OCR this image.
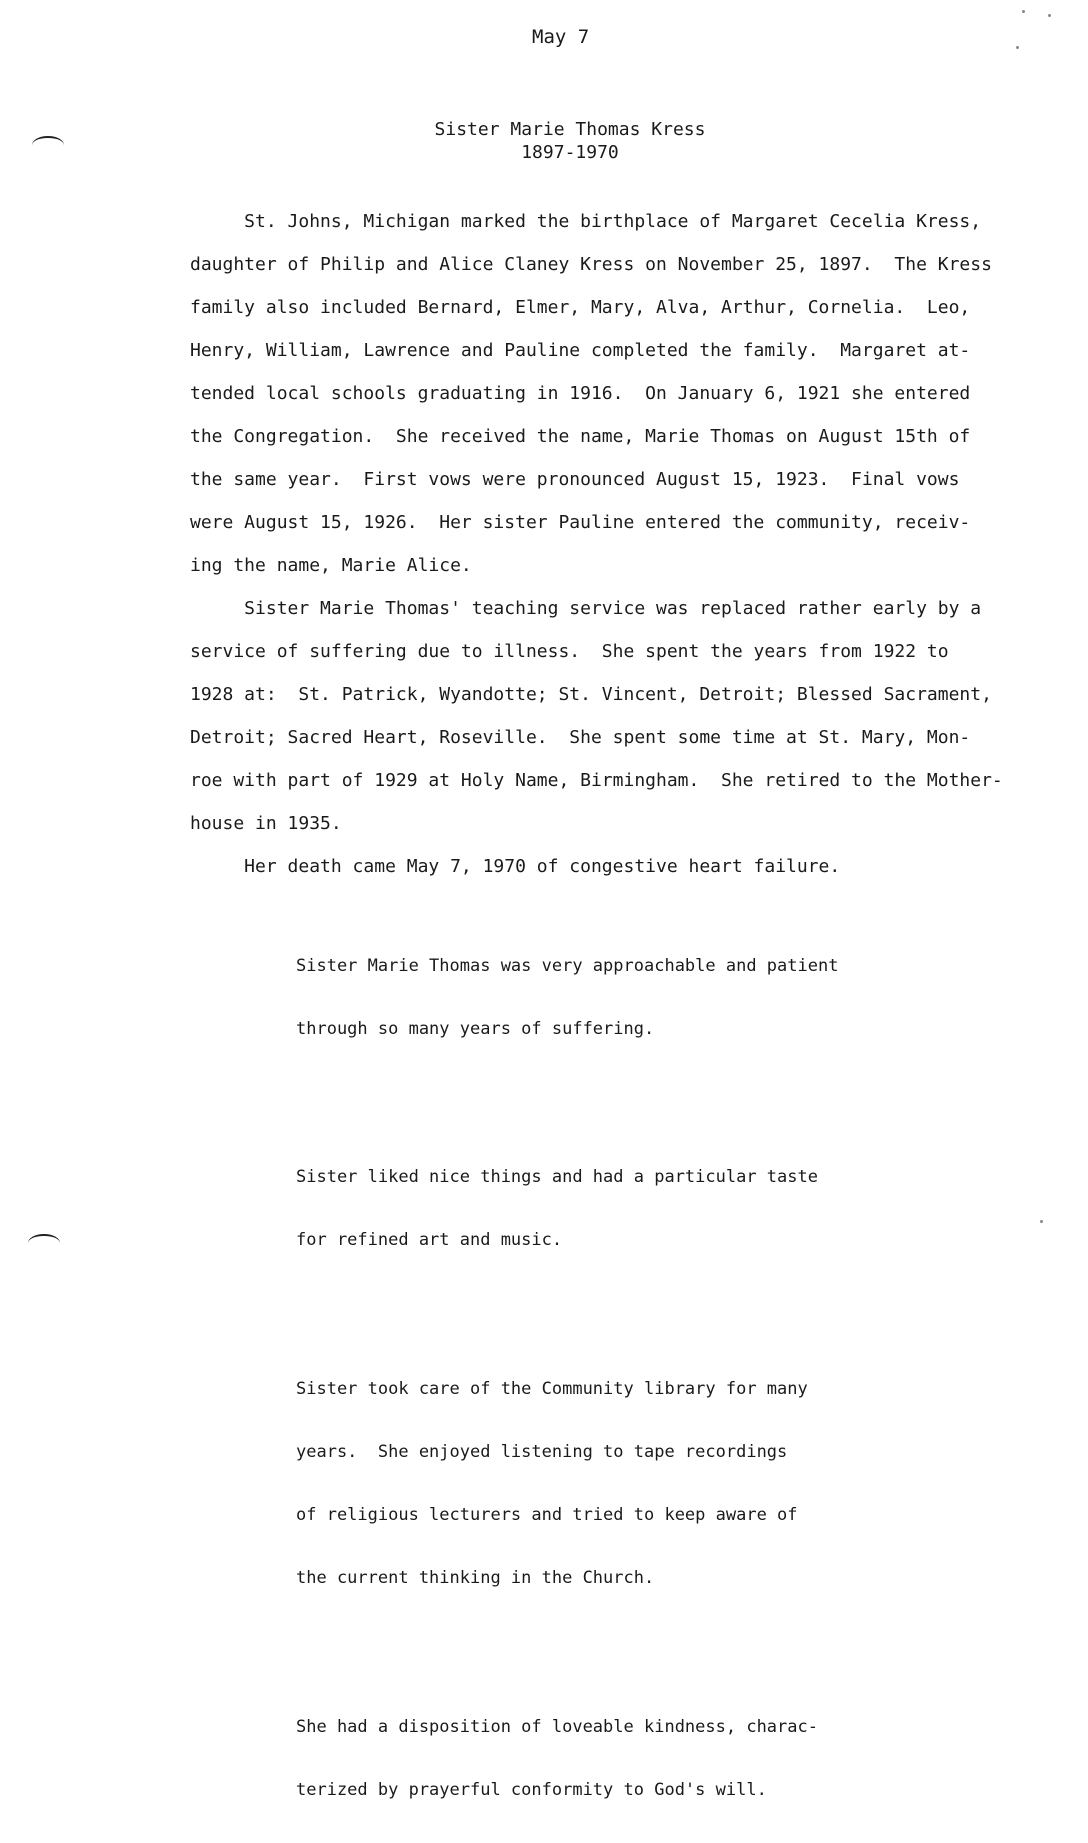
May 7
Sister Marie Thomas Kress
1897-1970

St. Johns, Michigan marked the birthplace of Margaret Cecelia Kress,

daughter of Philip and Alice Claney Kress on November 25, 1897.  The Kress

family also included Bernard, Elmer, Mary, Alva, Arthur, Cornelia.  Leo,

Henry, William, Lawrence and Pauline completed the family.  Margaret at-

tended local schools graduating in 1916.  On January 6, 1921 she entered

the Congregation.  She received the name, Marie Thomas on August 15th of

the same year.  First vows were pronounced August 15, 1923.  Final vows

were August 15, 1926.  Her sister Pauline entered the community, receiv-

ing the name, Marie Alice.

Sister Marie Thomas' teaching service was replaced rather early by a

service of suffering due to illness.  She spent the years from 1922 to

1928 at:  St. Patrick, Wyandotte; St. Vincent, Detroit; Blessed Sacrament,

Detroit; Sacred Heart, Roseville.  She spent some time at St. Mary, Mon-

roe with part of 1929 at Holy Name, Birmingham.  She retired to the Mother-

house in 1935.

Her death came May 7, 1970 of congestive heart failure.

Sister Marie Thomas was very approachable and patient

through so many years of suffering.

Sister liked nice things and had a particular taste

for refined art and music.

Sister took care of the Community library for many

years.  She enjoyed listening to tape recordings

of religious lecturers and tried to keep aware of

the current thinking in the Church.

She had a disposition of loveable kindness, charac-

terized by prayerful conformity to God's will.
